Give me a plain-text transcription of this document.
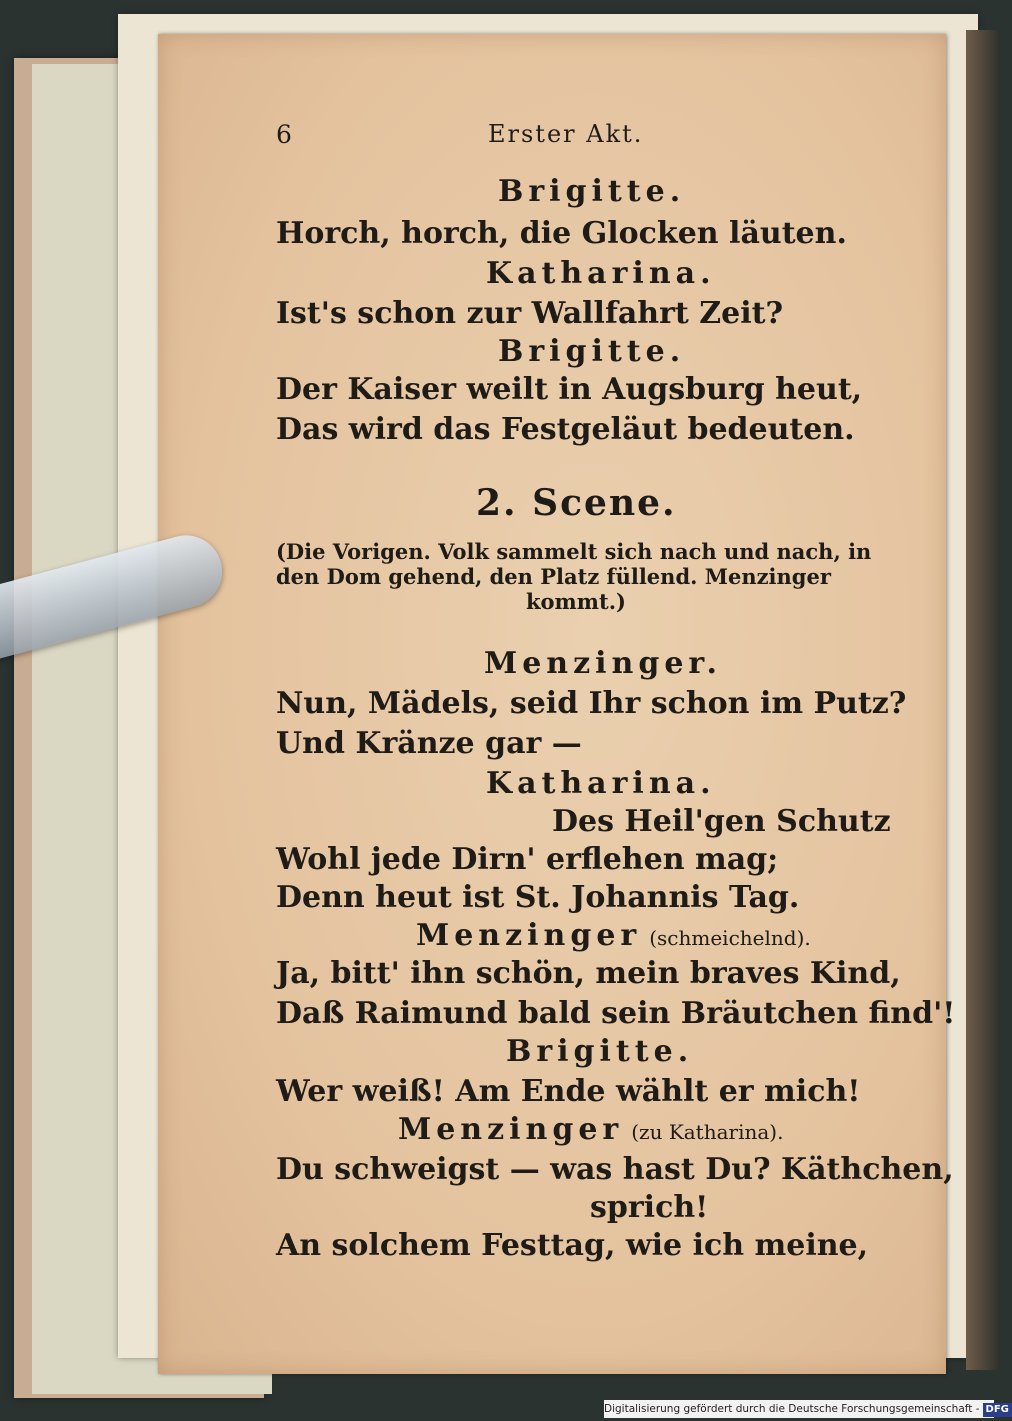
6	Erster Akt.
Brigitte.
Horch, horch, die Glocken läuten.
Katharina.
Ist's schon zur Wallfahrt Zeit?
Brigitte.
Der Kaiser weilt in Augsburg heut,
Das wird das Festgeläut bedeuten.
2. Scene.
(Die Vorigen. Volk sammelt sich nach und nach, in
den Dom gehend, den Platz füllend. Menzinger
kommt.)
Menzinger.
Nun, Mädels, seid Ihr schon im Putz?
Und Kränze gar —
Katharina.
Des Heil'gen Schutz
Wohl jede Dirn' erflehen mag;
Denn heut ist St. Johannis Tag.
Menzinger (schmeichelnd).
Ja, bitt' ihn schön, mein braves Kind,
Daß Raimund bald sein Bräutchen find'!
Brigitte.
Wer weiß! Am Ende wählt er mich!
Menzinger (zu Katharina).
Du schweigst — was hast Du? Käthchen,
sprich!
An solchem Festtag, wie ich meine,
Digitalisierung gefördert durch die Deutsche Forschungsgemeinschaft - DFG
